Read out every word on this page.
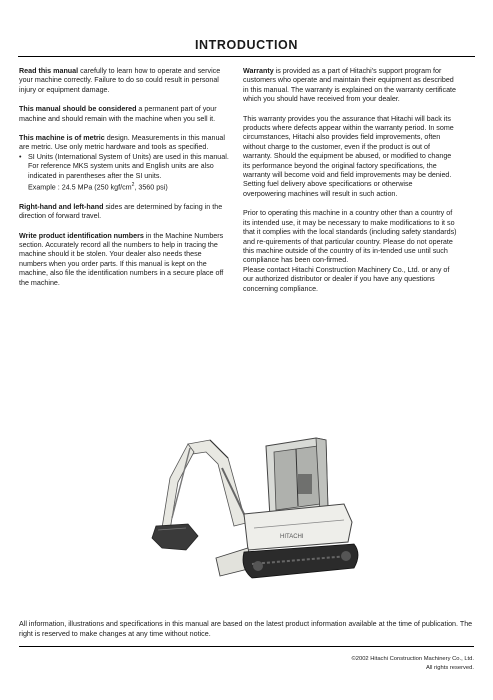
INTRODUCTION

Read this manual carefully to learn how to operate and service your machine correctly. Failure to do so could result in personal injury or equipment damage.

This manual should be considered a permanent part of your machine and should remain with the machine when you sell it.

This machine is of metric design. Measurements in this manual are metric. Use only metric hardware and tools as specified.

• SI Units (International System of Units) are used in this manual.

For reference MKS system units and English units are also indicated in parentheses after the SI units.

Example : 24.5 MPa (250 kgf/$cm^2$, 3560 psi)

Right-hand and left-hand sides are determined by facing in the direction of forward travel.

Write product identification numbers in the Machine Numbers section. Accurately record all the numbers to help in tracing the machine should it be stolen. Your dealer also needs these numbers when you order parts. If this manual is kept on the machine, also file the identification numbers in a secure place off the machine.

Warranty is provided as a part of Hitachi's support program for customers who operate and maintain their equipment as described in this manual. The warranty is explained on the warranty certificate which you should have received from your dealer.

This warranty provides you the assurance that Hitachi will back its products where defects appear within the warranty period. In some circumstances, Hitachi also provides field improvements, often without charge to the customer, even if the product is out of warranty. Should the equipment be abused, or modified to change its performance beyond the original factory specifications, the warranty will become void and field improvements may be denied. Setting fuel delivery above specifications or otherwise overpowering machines will result in such action.

Prior to operating this machine in a country other than a country of its intended use, it may be necessary to make modifications to it so that it complies with the local standards (including safety standards) and re-quirements of that particular country. Please do not operate this machine outside of the country of its in-tended use until such compliance has been con-firmed.

Please contact Hitachi Construction Machinery Co., Ltd. or any of our authorized distributor or dealer if you have any questions concerning compliance.

HITACHI
All information, illustrations and specifications in this manual are based on the latest product information available at the time of publication. The right is reserved to make changes at any time without notice.
©2002 Hitachi Construction Machinery Co., Ltd.
All rights reserved.
